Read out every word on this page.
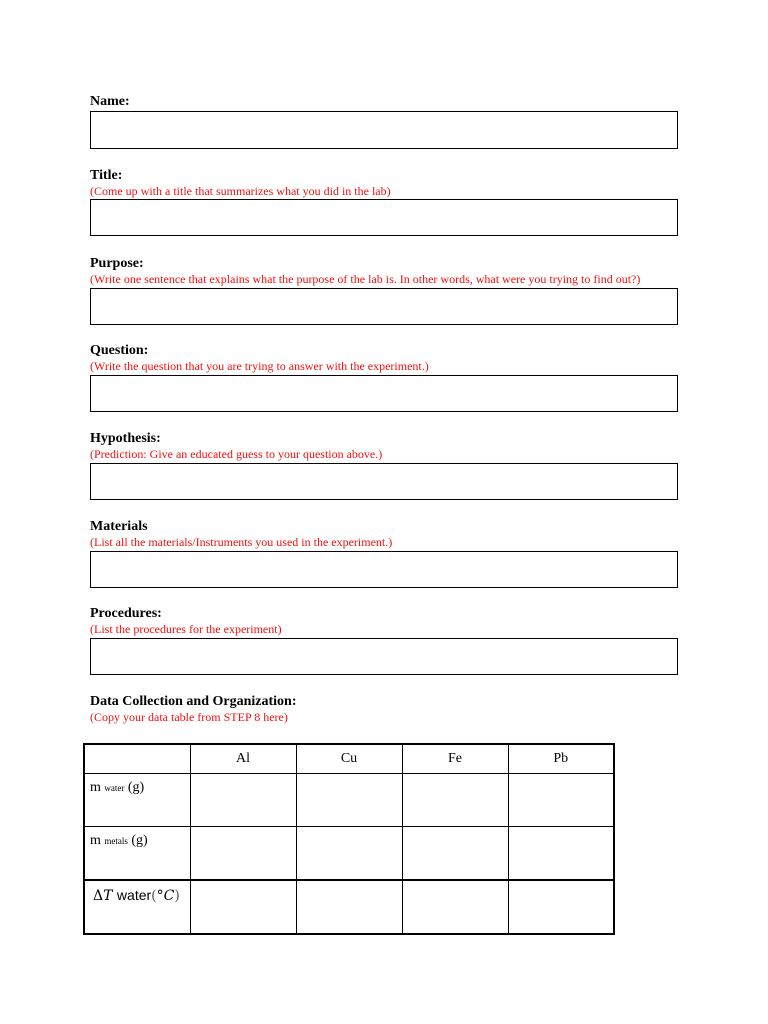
Name:
Title:
(Come up with a title that summarizes what you did in the lab)
Purpose:
(Write one sentence that explains what the purpose of the lab is. In other words, what were you trying to find out?)
Question:
(Write the question that you are trying to answer with the experiment.)
Hypothesis:
(Prediction: Give an educated guess to your question above.)
Materials
(List all the materials/Instruments you used in the experiment.)
Procedures:
(List the procedures for the experiment)
Data Collection and Organization:
(Copy your data table from STEP 8 here)
	Al	Cu	Fe	Pb
m water (g)				
m metals (g)				
ΔT water(°C)				
